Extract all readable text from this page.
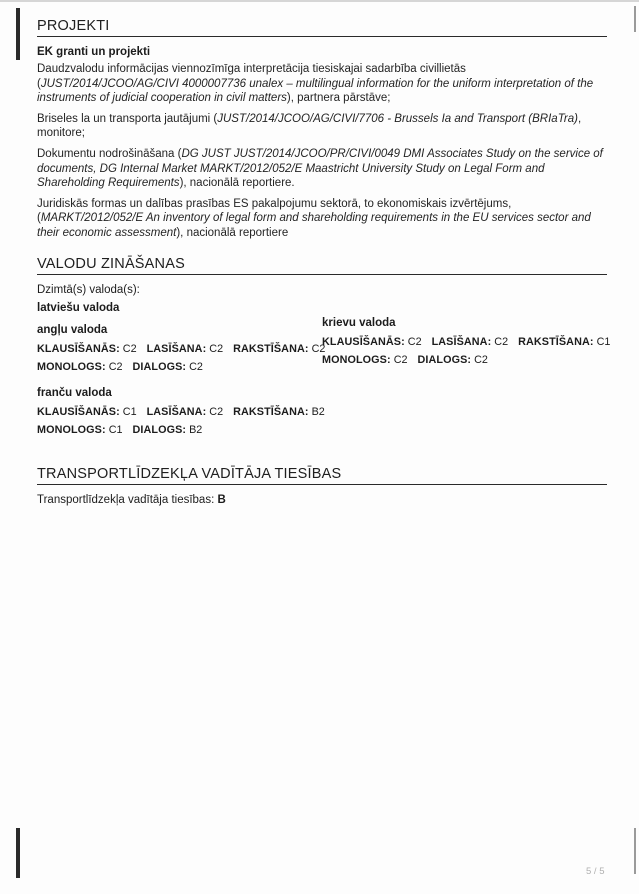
PROJEKTI
EK granti un projekti
Daudzvalodu informācijas viennozīmīga interpretācija tiesiskajai sadarbība civillietās (JUST/2014/JCOO/AG/CIVI 4000007736 unalex – multilingual information for the uniform interpretation of the instruments of judicial cooperation in civil matters), partnera pārstāve;
Briseles la un transporta jautājumi (JUST/2014/JCOO/AG/CIVI/7706 - Brussels Ia and Transport (BRIaTra), monitore;
Dokumentu nodrošināšana (DG JUST JUST/2014/JCOO/PR/CIVI/0049 DMI Associates Study on the service of documents, DG Internal Market MARKT/2012/052/E Maastricht University Study on Legal Form and Shareholding Requirements), nacionālā reportiere.
Juridiskās formas un dalības prasības ES pakalpojumu sektorā, to ekonomiskais izvērtējums, (MARKT/2012/052/E An inventory of legal form and shareholding requirements in the EU services sector and their economic assessment), nacionālā reportiere
VALODU ZINĀŠANAS
Dzimtā(s) valoda(s):
latviešu valoda
angļu valoda
KLAUSĪŠANĀS: C2 LASĪŠANA: C2 RAKSTĪŠANA: C2
MONOLOGS: C2 DIALOGS: C2
krievu valoda
KLAUSĪŠANĀS: C2 LASĪŠANA: C2 RAKSTĪŠANA: C1
MONOLOGS: C2 DIALOGS: C2
franču valoda
KLAUSĪŠANĀS: C1 LASĪŠANA: C2 RAKSTĪŠANA: B2
MONOLOGS: C1 DIALOGS: B2
TRANSPORTLĪDZEKĻA VADĪTĀJA TIESĪBAS
Transportlīdzekļa vadītāja tiesības: B
5 / 5
